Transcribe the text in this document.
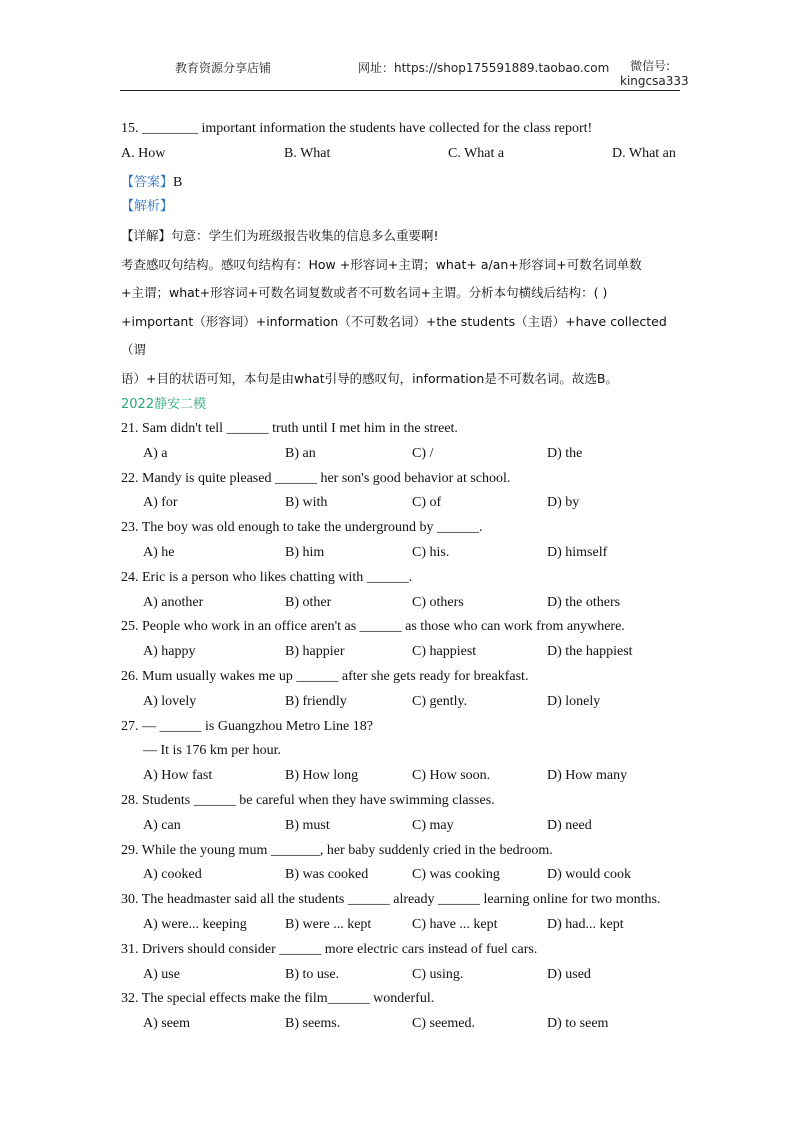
教育资源分享店铺	网址：https://shop175591889.taobao.com	微信号:
kingcsa333
15. ________ important information the students have collected for the class report!
A. How	B. What	C. What a	D. What an
【答案】B
【解析】
【详解】句意：学生们为班级报告收集的信息多么重要啊!
考查感叹句结构。感叹句结构有：How +形容词+主谓；what+ a/an+形容词+可数名词单数
+主谓；what+形容词+可数名词复数或者不可数名词+主谓。分析本句横线后结构：( )
+important（形容词）+information（不可数名词）+the students（主语）+have collected（谓
语）+目的状语可知，本句是由what引导的感叹句，information是不可数名词。故选B。
2022静安二模
21. Sam didn't tell ______ truth until I met him in the street.
A) a	B) an	C) /	D) the
22. Mandy is quite pleased ______ her son's good behavior at school.
A) for	B) with	C) of	D) by
23. The boy was old enough to take the underground by ______.
A) he	B) him	C) his.	D) himself
24. Eric is a person who likes chatting with ______.
A) another	B) other	C) others	D) the others
25. People who work in an office aren't as ______ as those who can work from anywhere.
A) happy	B) happier	C) happiest	D) the happiest
26. Mum usually wakes me up ______ after she gets ready for breakfast.
A) lovely	B) friendly	C) gently.	D) lonely
27. — ______ is Guangzhou Metro Line 18?
— It is 176 km per hour.
A) How fast	B) How long	C) How soon.	D) How many
28. Students ______ be careful when they have swimming classes.
A) can	B) must	C) may	D) need
29. While the young mum _______, her baby suddenly cried in the bedroom.
A) cooked	B) was cooked	C) was cooking	D) would cook
30. The headmaster said all the students ______ already ______ learning online for two months.
A) were... keeping	B) were ... kept	C) have ... kept	D) had... kept
31. Drivers should consider ______ more electric cars instead of fuel cars.
A) use	B) to use.	C) using.	D) used
32. The special effects make the film______ wonderful.
A) seem	B) seems.	C) seemed.	D) to seem
